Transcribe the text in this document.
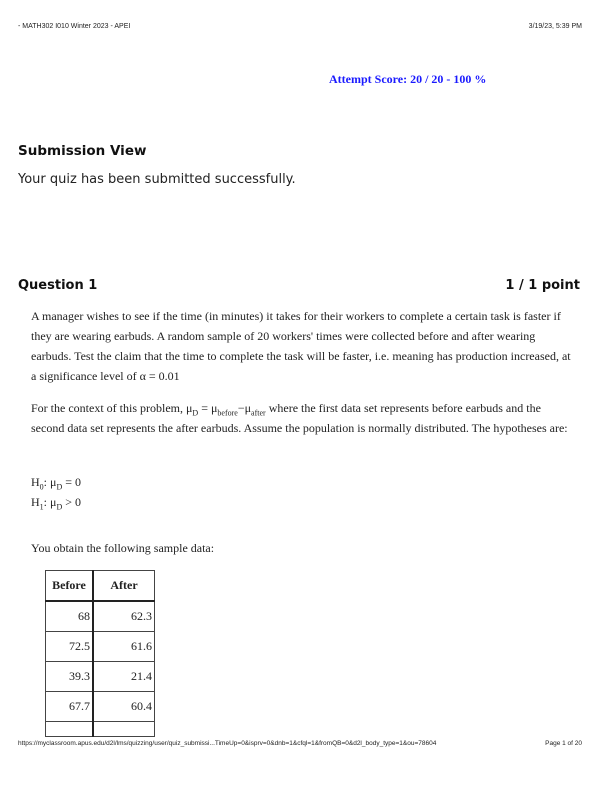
- MATH302 I010 Winter 2023 - APEI	3/19/23, 5:39 PM
Attempt Score: 20 / 20 - 100 %
Submission View
Your quiz has been submitted successfully.
Question 1	1 / 1 point

A manager wishes to see if the time (in minutes) it takes for their workers to complete a certain task is faster if they are wearing earbuds. A random sample of 20 workers' times were collected before and after wearing earbuds. Test the claim that the time to complete the task will be faster, i.e. meaning has production increased, at a significance level of α = 0.01

For the context of this problem, $\mu_D = \mu_{before}-\mu_{after}$ where the first data set represents before earbuds and the second data set represents the after earbuds. Assume the population is normally distributed. The hypotheses are:

$H_0$: $\mu_D = 0$

$H_1$: $\mu_D > 0$

You obtain the following sample data:

Before	After
68	62.3
72.5	61.6
39.3	21.4
67.7	60.4

https://myclassroom.apus.edu/d2l/lms/quizzing/user/quiz_submissi...TimeUp=0&isprv=0&dnb=1&cfql=1&fromQB=0&d2l_body_type=1&ou=78604	Page 1 of 20
